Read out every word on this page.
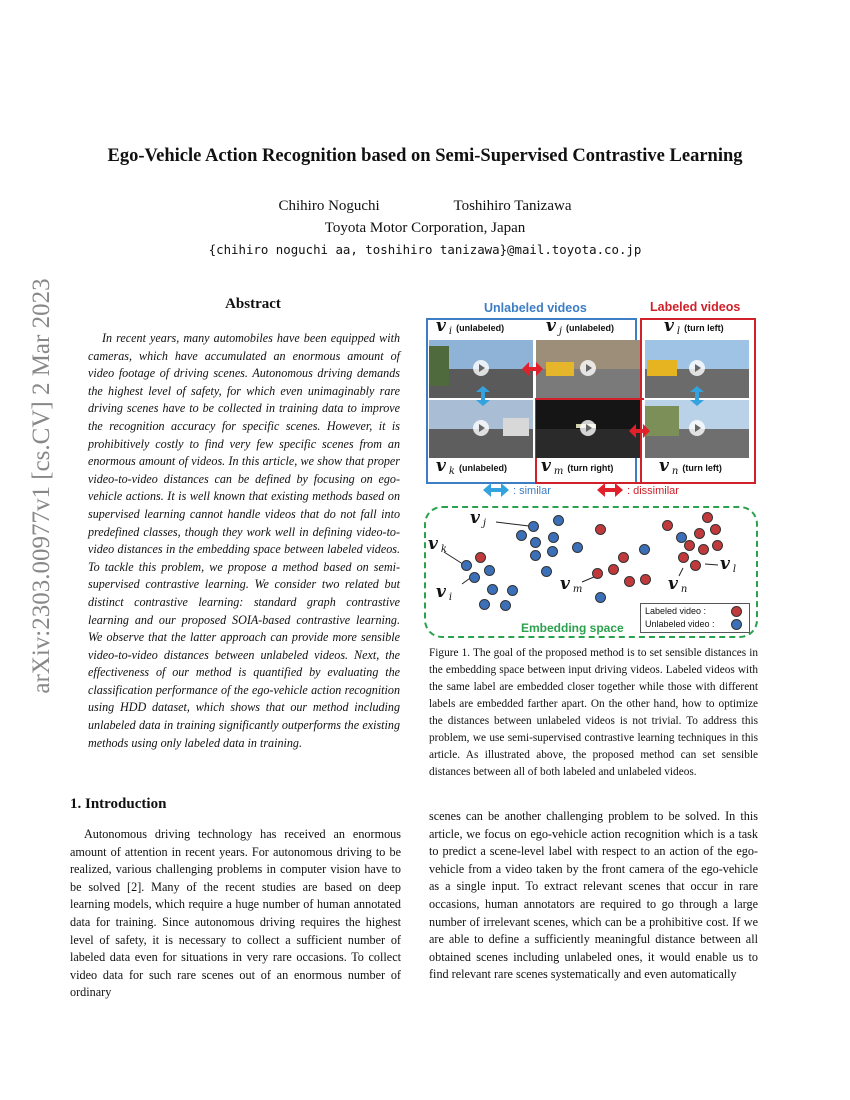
arXiv:2303.00977v1 [cs.CV] 2 Mar 2023
Ego-Vehicle Action Recognition based on Semi-Supervised Contrastive Learning
Chihiro Noguchi	Toshihiro Tanizawa
Toyota Motor Corporation, Japan
{chihiro noguchi aa, toshihiro tanizawa}@mail.toyota.co.jp
Abstract

In recent years, many automobiles have been equipped with cameras, which have accumulated an enormous amount of video footage of driving scenes. Autonomous driving demands the highest level of safety, for which even unimaginably rare driving scenes have to be collected in training data to improve the recognition accuracy for specific scenes. However, it is prohibitively costly to find very few specific scenes from an enormous amount of videos. In this article, we show that proper video-to-video distances can be defined by focusing on ego-vehicle actions. It is well known that existing methods based on supervised learning cannot handle videos that do not fall into predefined classes, though they work well in defining video-to-video distances in the embedding space between labeled videos. To tackle this problem, we propose a method based on semi-supervised contrastive learning. We consider two related but distinct contrastive learning: standard graph contrastive learning and our proposed SOIA-based contrastive learning. We observe that the latter approach can provide more sensible video-to-video distances between unlabeled videos. Next, the effectiveness of our method is quantified by evaluating the classification performance of the ego-vehicle action recognition using HDD dataset, which shows that our method including unlabeled data in training significantly outperforms the existing methods using only labeled data in training.

Unlabeled videos	Labeled videos
v $_i$ (unlabeled) v $_j$ (unlabeled)	v $_l$ (turn left)
v $_k$ (unlabeled) v $_m$ (turn right)	v $_n$ (turn left)
: similar	: dissimilar
Embedding space
v $_j$
v $_k$
v $_i$
v $_m$	v $_n$
v $_l$
Labeled video :
Unlabeled video :

Figure 1. The goal of the proposed method is to set sensible distances in the embedding space between input driving videos. Labeled videos with the same label are embedded closer together while those with different labels are embedded farther apart. On the other hand, how to optimize the distances between unlabeled videos is not trivial. To address this problem, we use semi-supervised contrastive learning techniques in this article. As illustrated above, the proposed method can set sensible distances between all of both labeled and unlabeled videos.

1. Introduction

Autonomous driving technology has received an enormous amount of attention in recent years. For autonomous driving to be realized, various challenging problems in computer vision have to be solved [2]. Many of the recent studies are based on deep learning models, which require a huge number of human annotated data for training. Since autonomous driving requires the highest level of safety, it is necessary to collect a sufficient number of labeled data even for situations in very rare occasions. To collect video data for such rare scenes out of an enormous number of ordinary

scenes can be another challenging problem to be solved. In this article, we focus on ego-vehicle action recognition which is a task to predict a scene-level label with respect to an action of the ego-vehicle from a video taken by the front camera of the ego-vehicle as a single input. To extract relevant scenes that occur in rare occasions, human annotators are required to go through a large number of irrelevant scenes, which can be a prohibitive cost. If we are able to define a sufficiently meaningful distance between all obtained scenes including unlabeled ones, it would enable us to find relevant rare scenes systematically and even automatically
